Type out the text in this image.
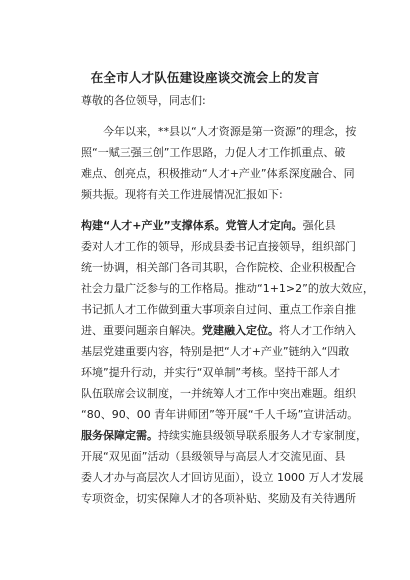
在全市人才队伍建设座谈交流会上的发言

尊敬的各位领导，同志们:

今年以来，**县以“人才资源是第一资源”的理念，按

照“一赋三强三创”工作思路，力促人才工作抓重点、破

难点、创亮点，积极推动“人才+产业”体系深度融合、同

频共振。现将有关工作进展情况汇报如下:

构建“人才+产业”支撑体系。党管人才定向。强化县

委对人才工作的领导，形成县委书记直接领导，组织部门

统一协调，相关部门各司其职，合作院校、企业积极配合

社会力量广泛参与的工作格局。推动“1+1>2”的放大效应，

书记抓人才工作做到重大事项亲自过问、重点工作亲自推

进、重要问题亲自解决。党建融入定位。将人才工作纳入

基层党建重要内容，特别是把“人才+产业”链纳入“四敢

环境”提升行动，并实行“双单制”考核。坚持干部人才

队伍联席会议制度，一并统筹人才工作中突出难题。组织

“80、90、00 青年讲师团”等开展“千人千场”宣讲活动。

服务保障定需。持续实施县级领导联系服务人才专家制度，

开展“双见面”活动（县级领导与高层人才交流见面、县

委人才办与高层次人才回访见面），设立 1000 万人才发展

专项资金，切实保障人才的各项补贴、奖励及有关待遇所
